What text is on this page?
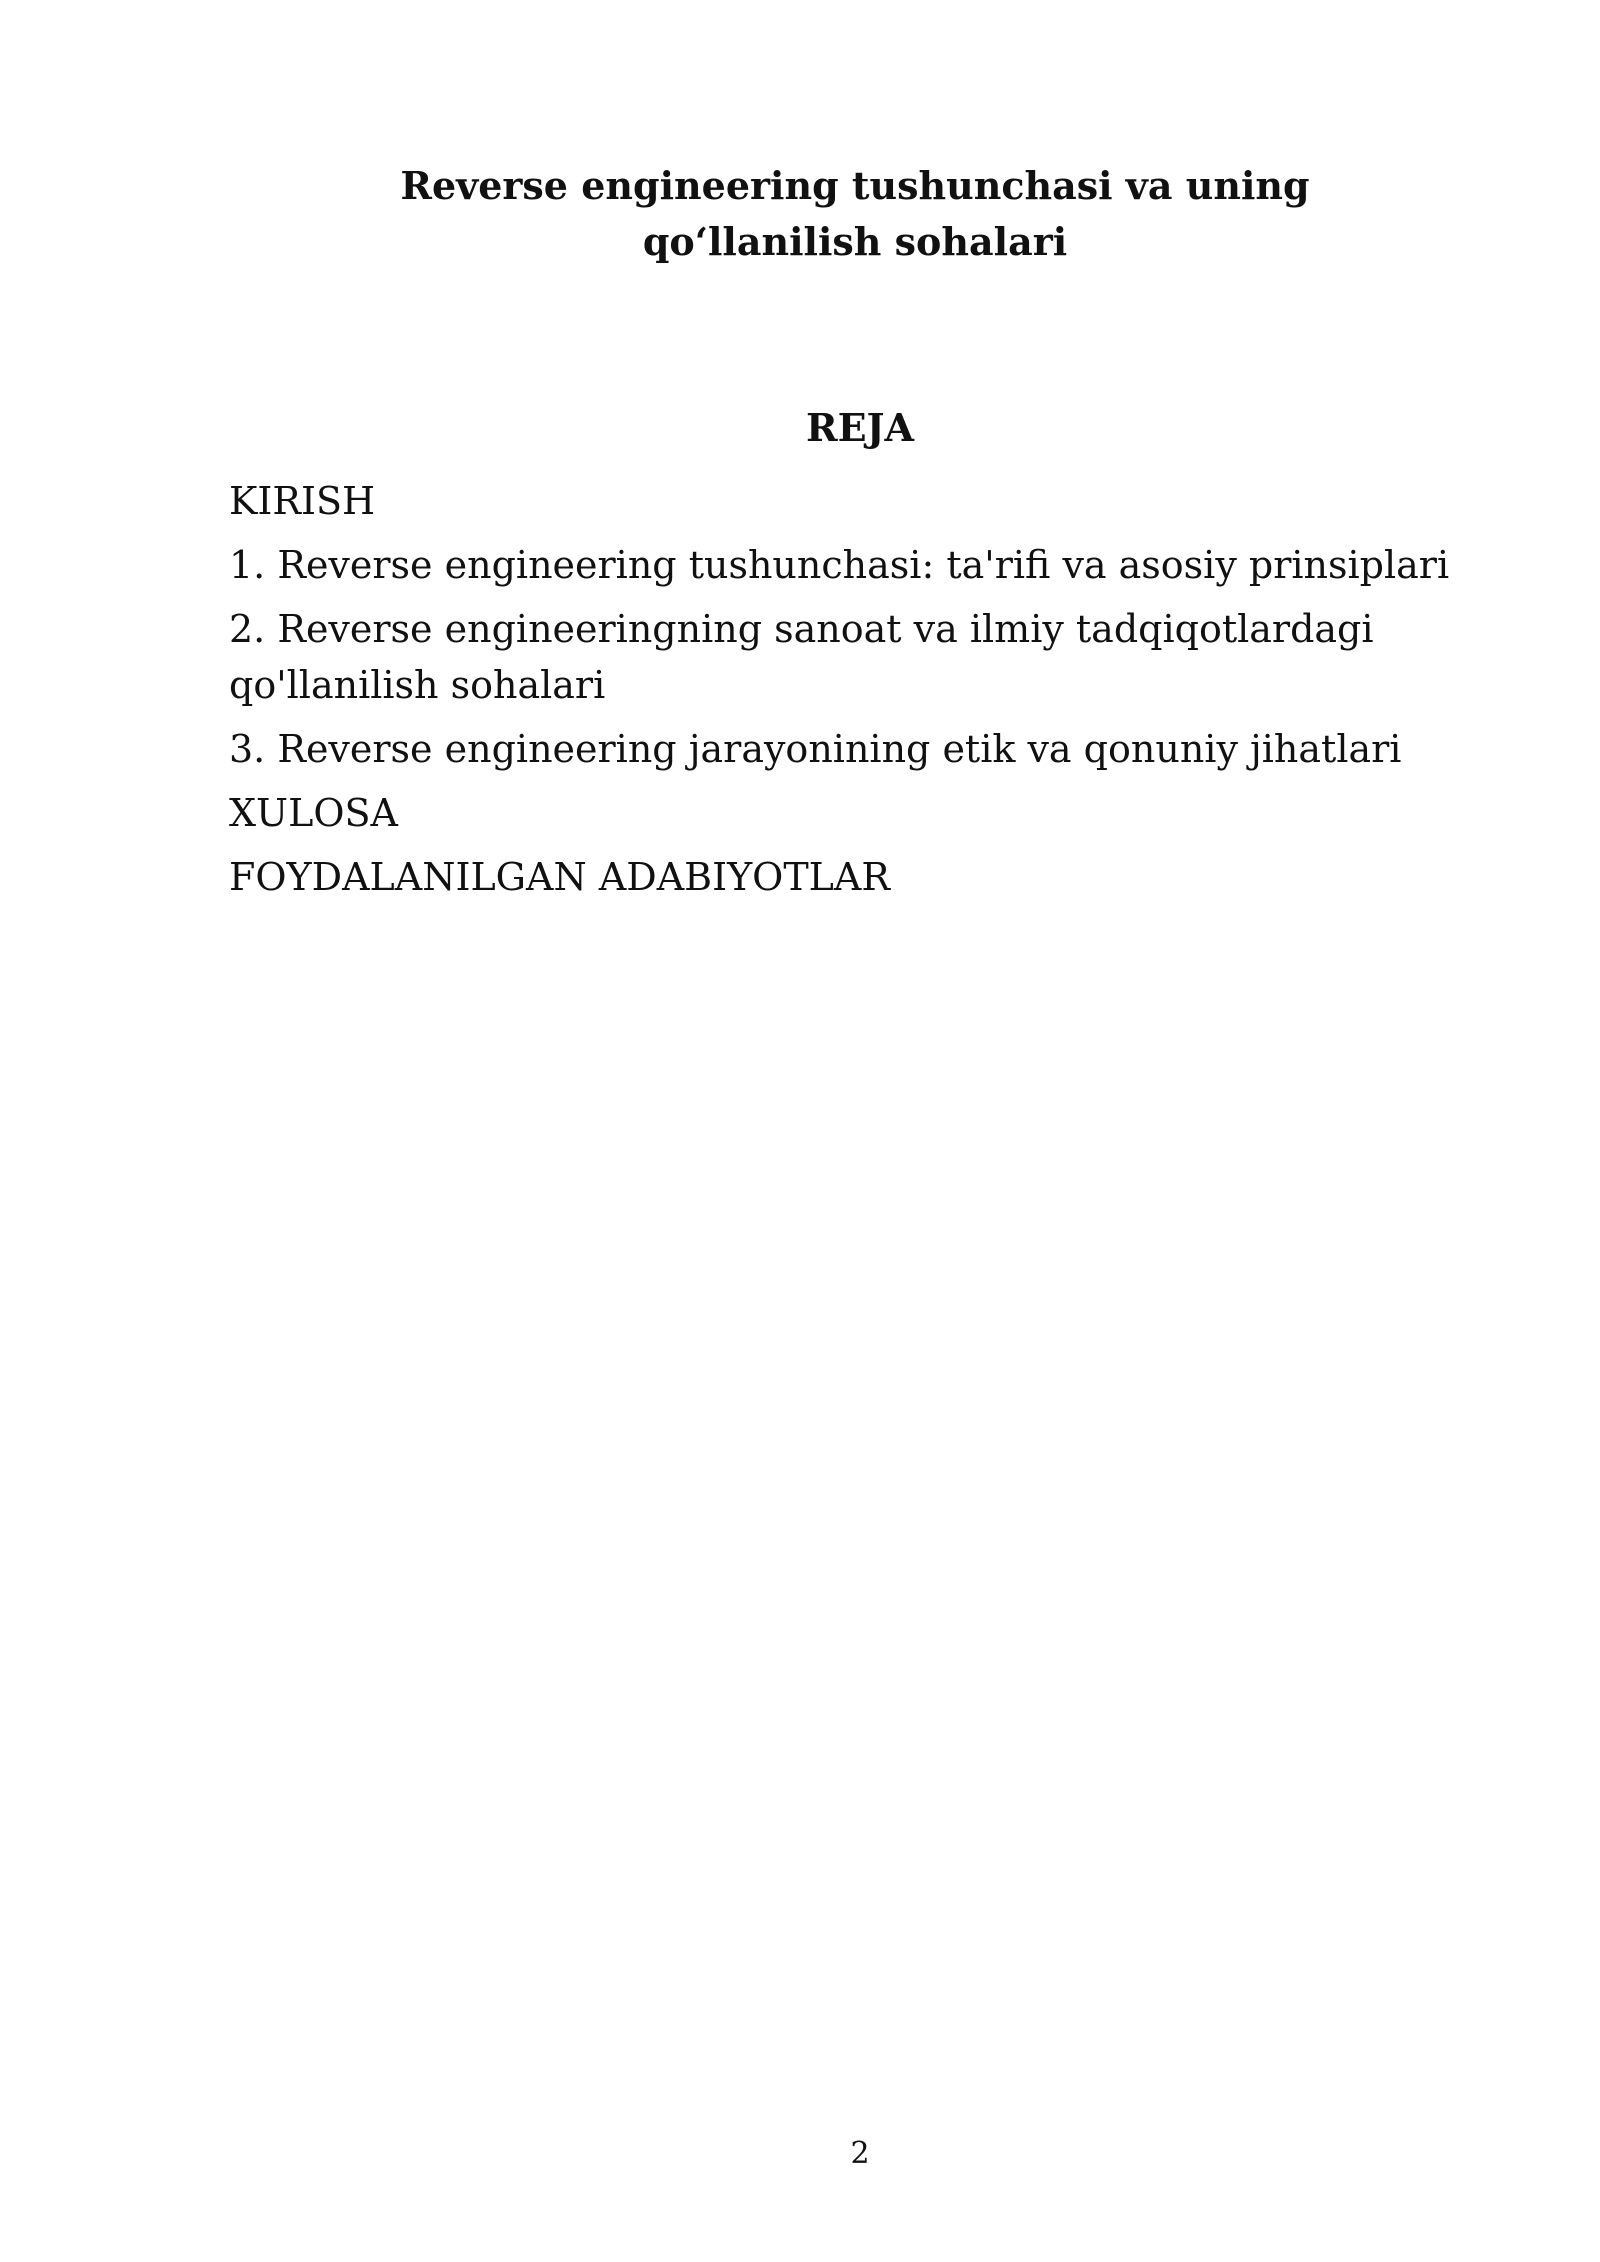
Reverse engineering tushunchasi va uning
qo‘llanilish sohalari
REJA
KIRISH
1. Reverse engineering tushunchasi: ta'rifi va asosiy prinsiplari
2. Reverse engineeringning sanoat va ilmiy tadqiqotlardagi qo'llanilish sohalari
3. Reverse engineering jarayonining etik va qonuniy jihatlari
XULOSA
FOYDALANILGAN ADABIYOTLAR
2
